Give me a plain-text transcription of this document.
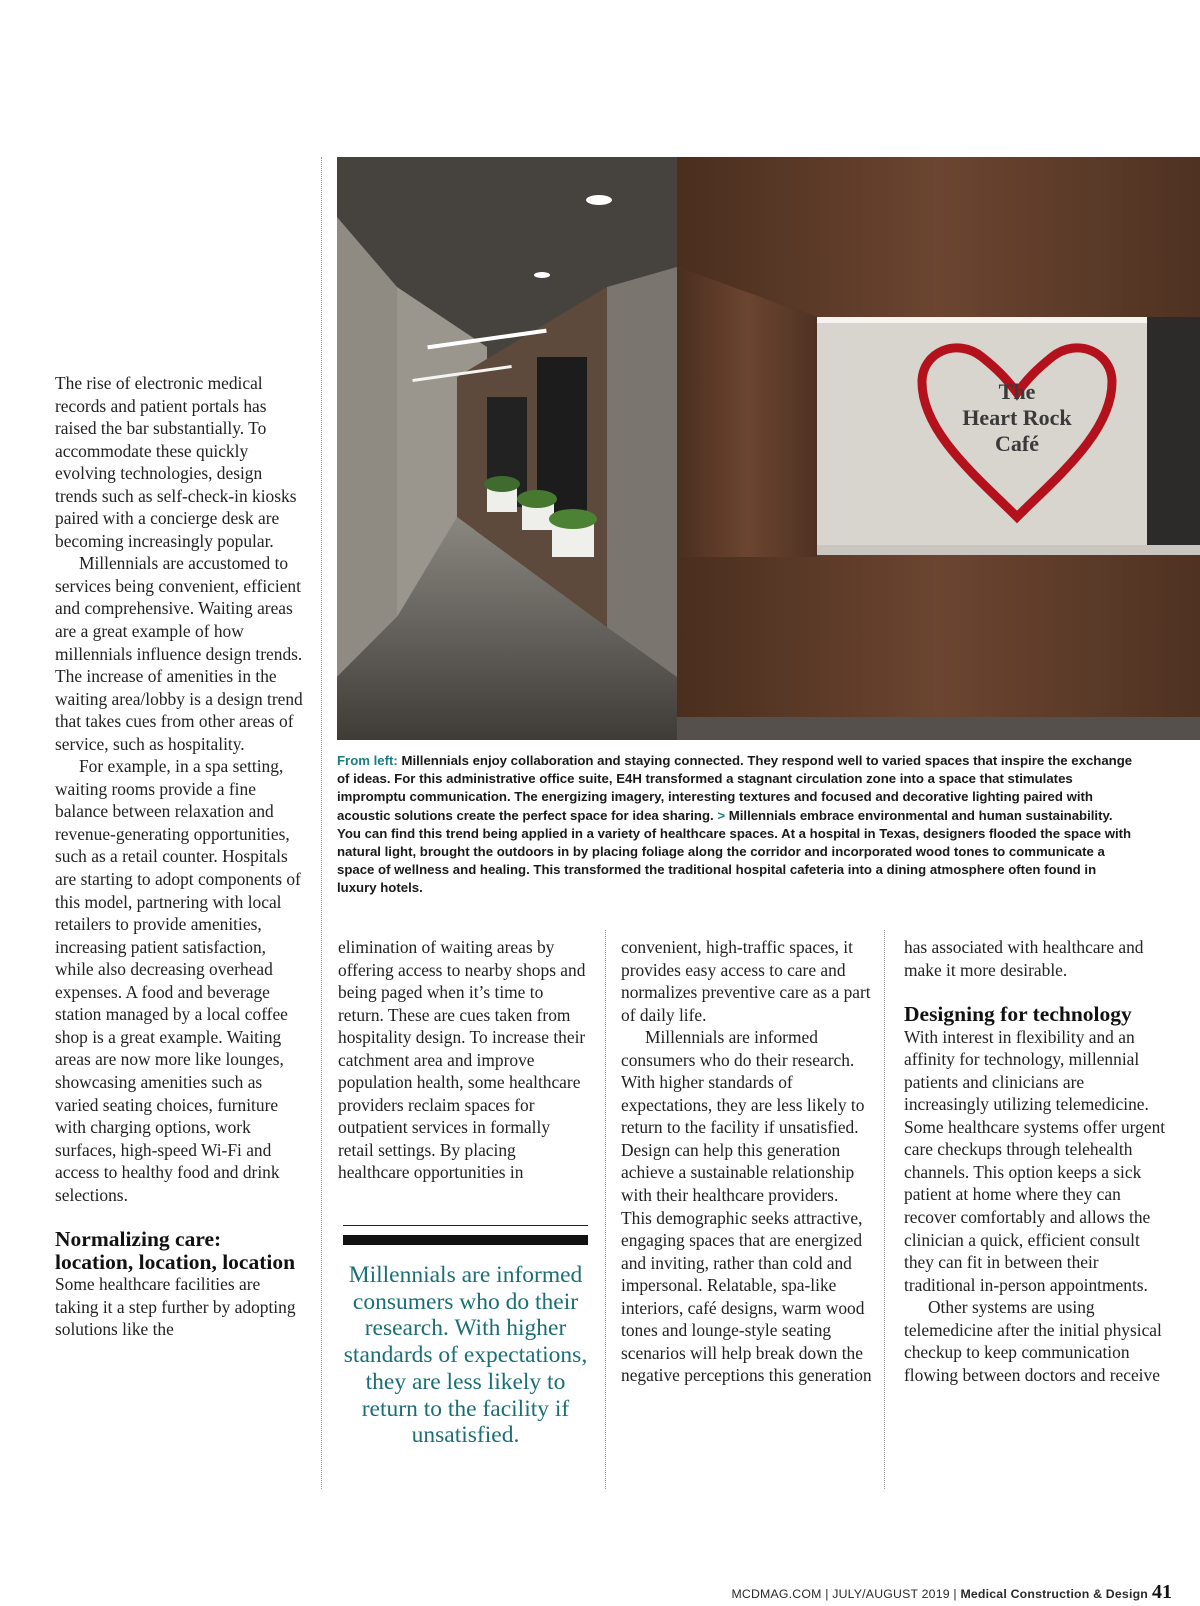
The rise of electronic medical records and patient portals has raised the bar substantially. To accommodate these quickly evolving technologies, design trends such as self-check-in kiosks paired with a concierge desk are becoming increasingly popular.

Millennials are accustomed to services being convenient, efficient and comprehensive. Waiting areas are a great example of how millennials influence design trends. The increase of amenities in the waiting area/lobby is a design trend that takes cues from other areas of service, such as hospitality.

For example, in a spa setting, waiting rooms provide a fine balance between relaxation and revenue-generating opportunities, such as a retail counter. Hospitals are starting to adopt components of this model, partnering with local retailers to provide amenities, increasing patient satisfaction, while also decreasing overhead expenses. A food and beverage station managed by a local coffee shop is a great example. Waiting areas are now more like lounges, showcasing amenities such as varied seating choices, furniture with charging options, work surfaces, high-speed Wi-Fi and access to healthy food and drink selections.

Normalizing care: location, location, location

Some healthcare facilities are taking it a step further by adopting solutions like the

The
Heart Rock
Café
From left: Millennials enjoy collaboration and staying connected. They respond well to varied spaces that inspire the exchange of ideas. For this administrative office suite, E4H transformed a stagnant circulation zone into a space that stimulates impromptu communication. The energizing imagery, interesting textures and focused and decorative lighting paired with acoustic solutions create the perfect space for idea sharing. > Millennials embrace environmental and human sustainability. You can find this trend being applied in a variety of healthcare spaces. At a hospital in Texas, designers flooded the space with natural light, brought the outdoors in by placing foliage along the corridor and incorporated wood tones to communicate a space of wellness and healing. This transformed the traditional hospital cafeteria into a dining atmosphere often found in luxury hotels.

elimination of waiting areas by offering access to nearby shops and being paged when it’s time to return. These are cues taken from hospitality design. To increase their catchment area and improve population health, some healthcare providers reclaim spaces for outpatient services in formally retail settings. By placing healthcare opportunities in

Millennials are informed consumers who do their research. With higher standards of expectations, they are less likely to return to the facility if unsatisfied.

convenient, high-traffic spaces, it provides easy access to care and normalizes preventive care as a part of daily life.

Millennials are informed consumers who do their research. With higher standards of expectations, they are less likely to return to the facility if unsatisfied. Design can help this generation achieve a sustainable relationship with their healthcare providers. This demographic seeks attractive, engaging spaces that are energized and inviting, rather than cold and impersonal. Relatable, spa-like interiors, café designs, warm wood tones and lounge-style seating scenarios will help break down the negative perceptions this generation

has associated with healthcare and make it more desirable.

Designing for technology

With interest in flexibility and an affinity for technology, millennial patients and clinicians are increasingly utilizing telemedicine. Some healthcare systems offer urgent care checkups through telehealth channels. This option keeps a sick patient at home where they can recover comfortably and allows the clinician a quick, efficient consult they can fit in between their traditional in-person appointments.

Other systems are using telemedicine after the initial physical checkup to keep communication flowing between doctors and receive

MCDMAG.COM | JULY/AUGUST 2019 | Medical Construction & Design 41
